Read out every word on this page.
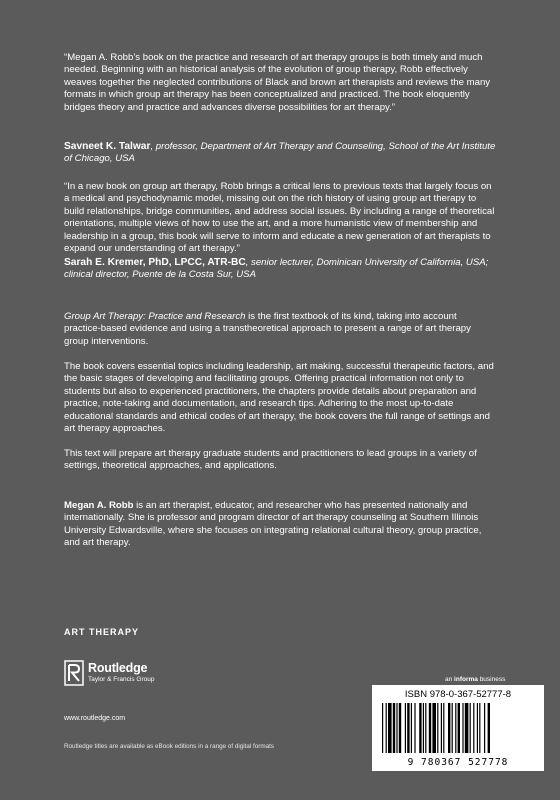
“Megan A. Robb’s book on the practice and research of art therapy groups is both timely and much needed. Beginning with an historical analysis of the evolution of group therapy, Robb effectively weaves together the neglected contributions of Black and brown art therapists and reviews the many formats in which group art therapy has been conceptualized and practiced. The book eloquently bridges theory and practice and advances diverse possibilities for art therapy.”

Savneet K. Talwar, professor, Department of Art Therapy and Counseling, School of the Art Institute of Chicago, USA

“In a new book on group art therapy, Robb brings a critical lens to previous texts that largely focus on a medical and psychodynamic model, missing out on the rich history of using group art therapy to build relationships, bridge communities, and address social issues. By including a range of theoretical orientations, multiple views of how to use the art, and a more humanistic view of membership and leadership in a group, this book will serve to inform and educate a new generation of art therapists to expand our understanding of art therapy.”

Sarah E. Kremer, PhD, LPCC, ATR-BC, senior lecturer, Dominican University of California, USA; clinical director, Puente de la Costa Sur, USA

Group Art Therapy: Practice and Research is the first textbook of its kind, taking into account practice-based evidence and using a transtheoretical approach to present a range of art therapy group interventions.

The book covers essential topics including leadership, art making, successful therapeutic factors, and the basic stages of developing and facilitating groups. Offering practical information not only to students but also to experienced practitioners, the chapters provide details about preparation and practice, note-taking and documentation, and research tips. Adhering to the most up-to-date educational standards and ethical codes of art therapy, the book covers the full range of settings and art therapy approaches.

This text will prepare art therapy graduate students and practitioners to lead groups in a variety of settings, theoretical approaches, and applications.

Megan A. Robb is an art therapist, educator, and researcher who has presented nationally and internationally. She is professor and program director of art therapy counseling at Southern Illinois University Edwardsville, where she focuses on integrating relational cultural theory, group practice, and art therapy.

ART THERAPY
Routledge
Taylor & Francis Group
www.routledge.com
Routledge titles are available as eBook editions in a range of digital formats
an informa business
ISBN 978-0-367-52777-8
9 780367 527778
